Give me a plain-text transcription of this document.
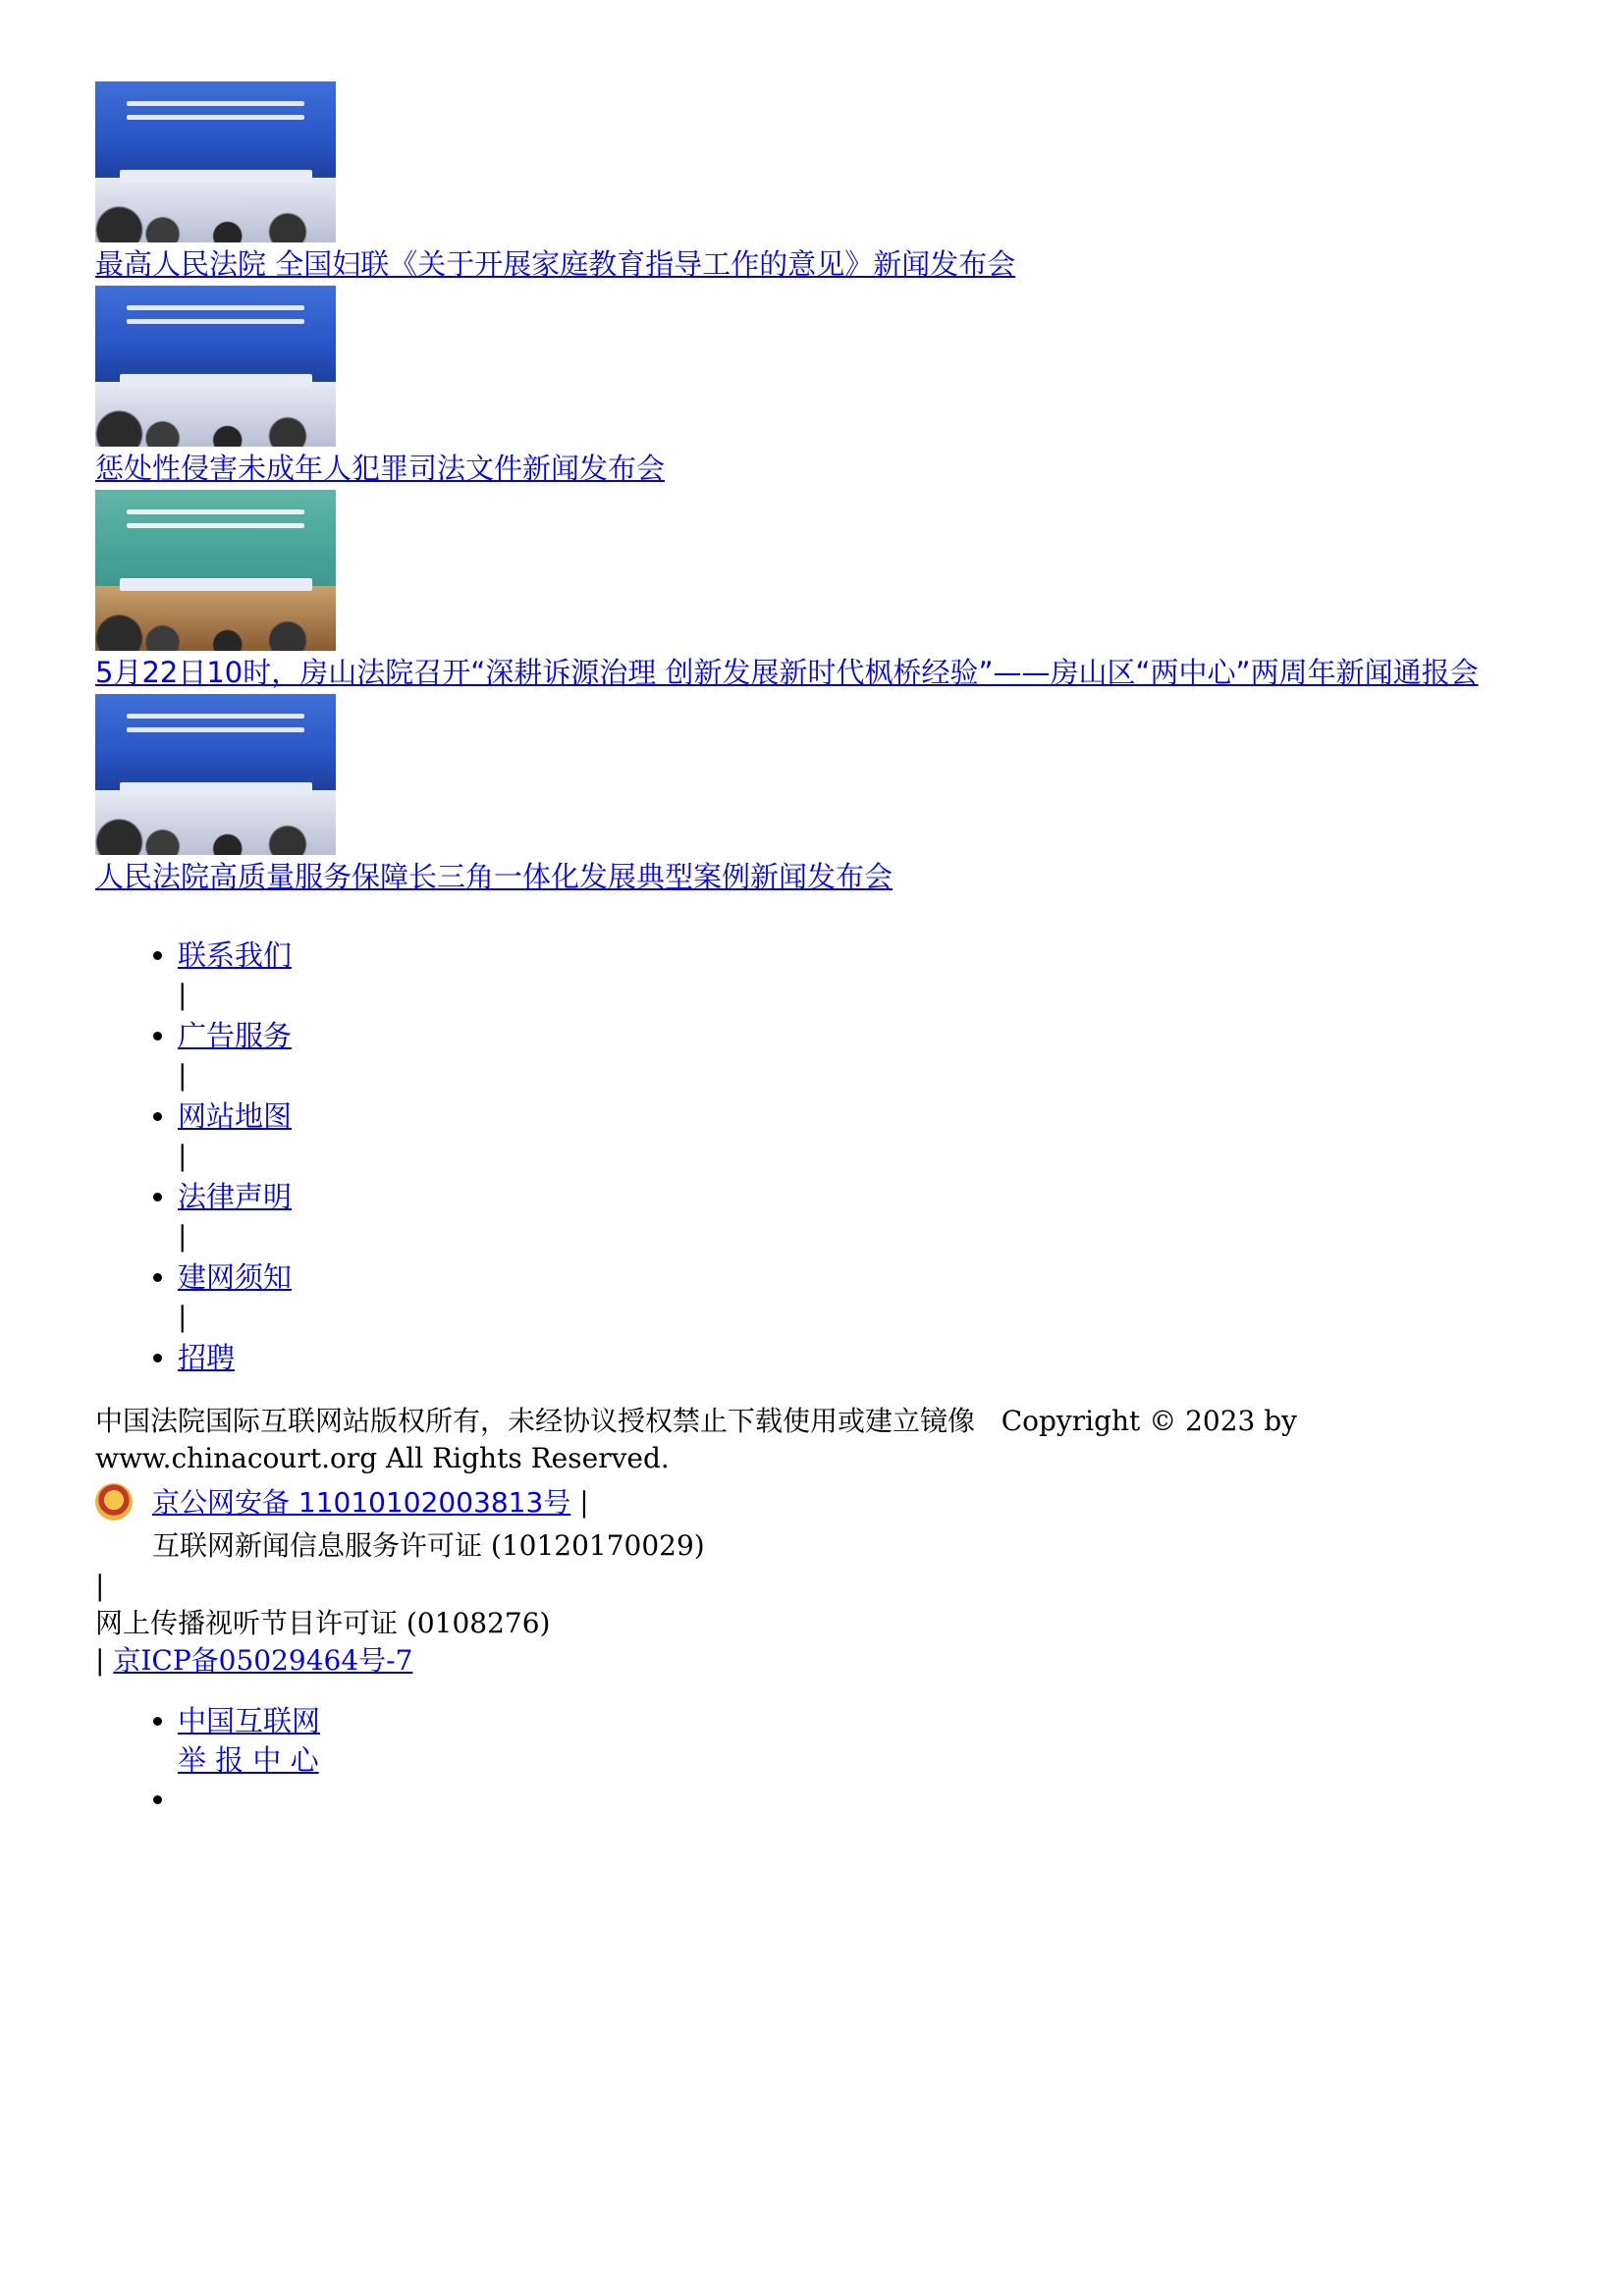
最高人民法院 全国妇联《关于开展家庭教育指导工作的意见》新闻发布会
惩处性侵害未成年人犯罪司法文件新闻发布会
5月22日10时，房山法院召开“深耕诉源治理 创新发展新时代枫桥经验”——房山区“两中心”两周年新闻通报会
人民法院高质量服务保障长三角一体化发展典型案例新闻发布会
• 联系我们
|
• 广告服务
|
• 网站地图
|
• 法律声明
|
• 建网须知
|
• 招聘
中国法院国际互联网站版权所有，未经协议授权禁止下载使用或建立镜像 Copyright © 2023 by www.chinacourt.org All Rights Reserved.
京公网安备 11010102003813号 |
互联网新闻信息服务许可证 (10120170029)
|
网上传播视听节目许可证 (0108276)
| 京ICP备05029464号-7
• 中国互联网
举 报 中 心
•
